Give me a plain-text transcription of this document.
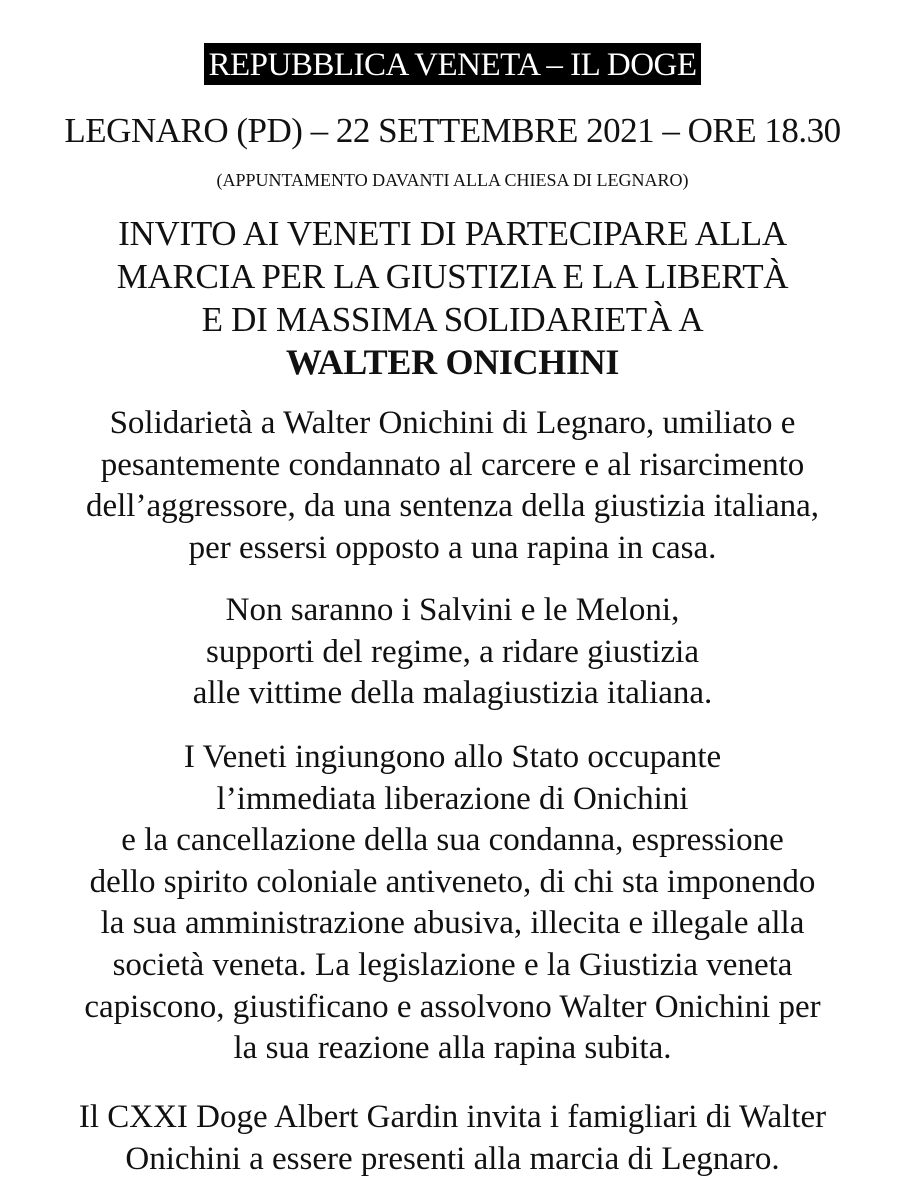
REPUBBLICA VENETA – IL DOGE
LEGNARO (PD) – 22 SETTEMBRE 2021 – ORE 18.30
(APPUNTAMENTO DAVANTI ALLA CHIESA DI LEGNARO)
INVITO AI VENETI DI PARTECIPARE ALLA
MARCIA PER LA GIUSTIZIA E LA LIBERTÀ
E DI MASSIMA SOLIDARIETÀ A
WALTER ONICHINI
Solidarietà a Walter Onichini di Legnaro, umiliato e
pesantemente condannato al carcere e al risarcimento
dell’aggressore, da una sentenza della giustizia italiana,
per essersi opposto a una rapina in casa.
Non saranno i Salvini e le Meloni,
supporti del regime, a ridare giustizia
alle vittime della malagiustizia italiana.
I Veneti ingiungono allo Stato occupante
l’immediata liberazione di Onichini
e la cancellazione della sua condanna, espressione
dello spirito coloniale antiveneto, di chi sta imponendo
la sua amministrazione abusiva, illecita e illegale alla
società veneta. La legislazione e la Giustizia veneta
capiscono, giustificano e assolvono Walter Onichini per
la sua reazione alla rapina subita.
Il CXXI Doge Albert Gardin invita i famigliari di Walter
Onichini a essere presenti alla marcia di Legnaro.
